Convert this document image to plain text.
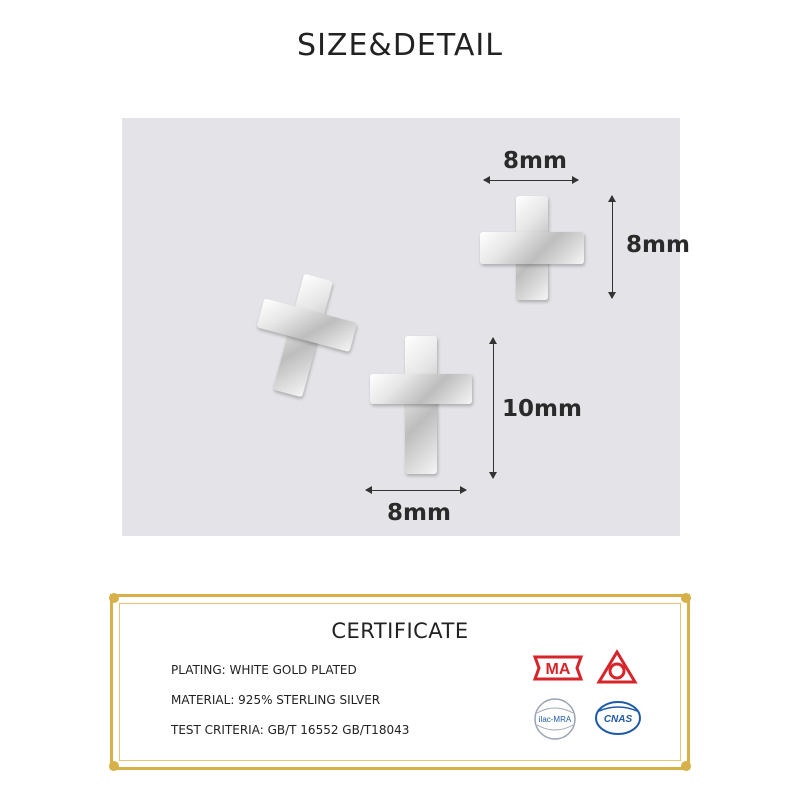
SIZE&DETAIL
8mm
8mm
10mm
8mm
CERTIFICATE
PLATING: WHITE GOLD PLATED
MATERIAL: 925% STERLING SILVER
TEST CRITERIA: GB/T 16552 GB/T18043
MA
ilac-MRA	CNAS
